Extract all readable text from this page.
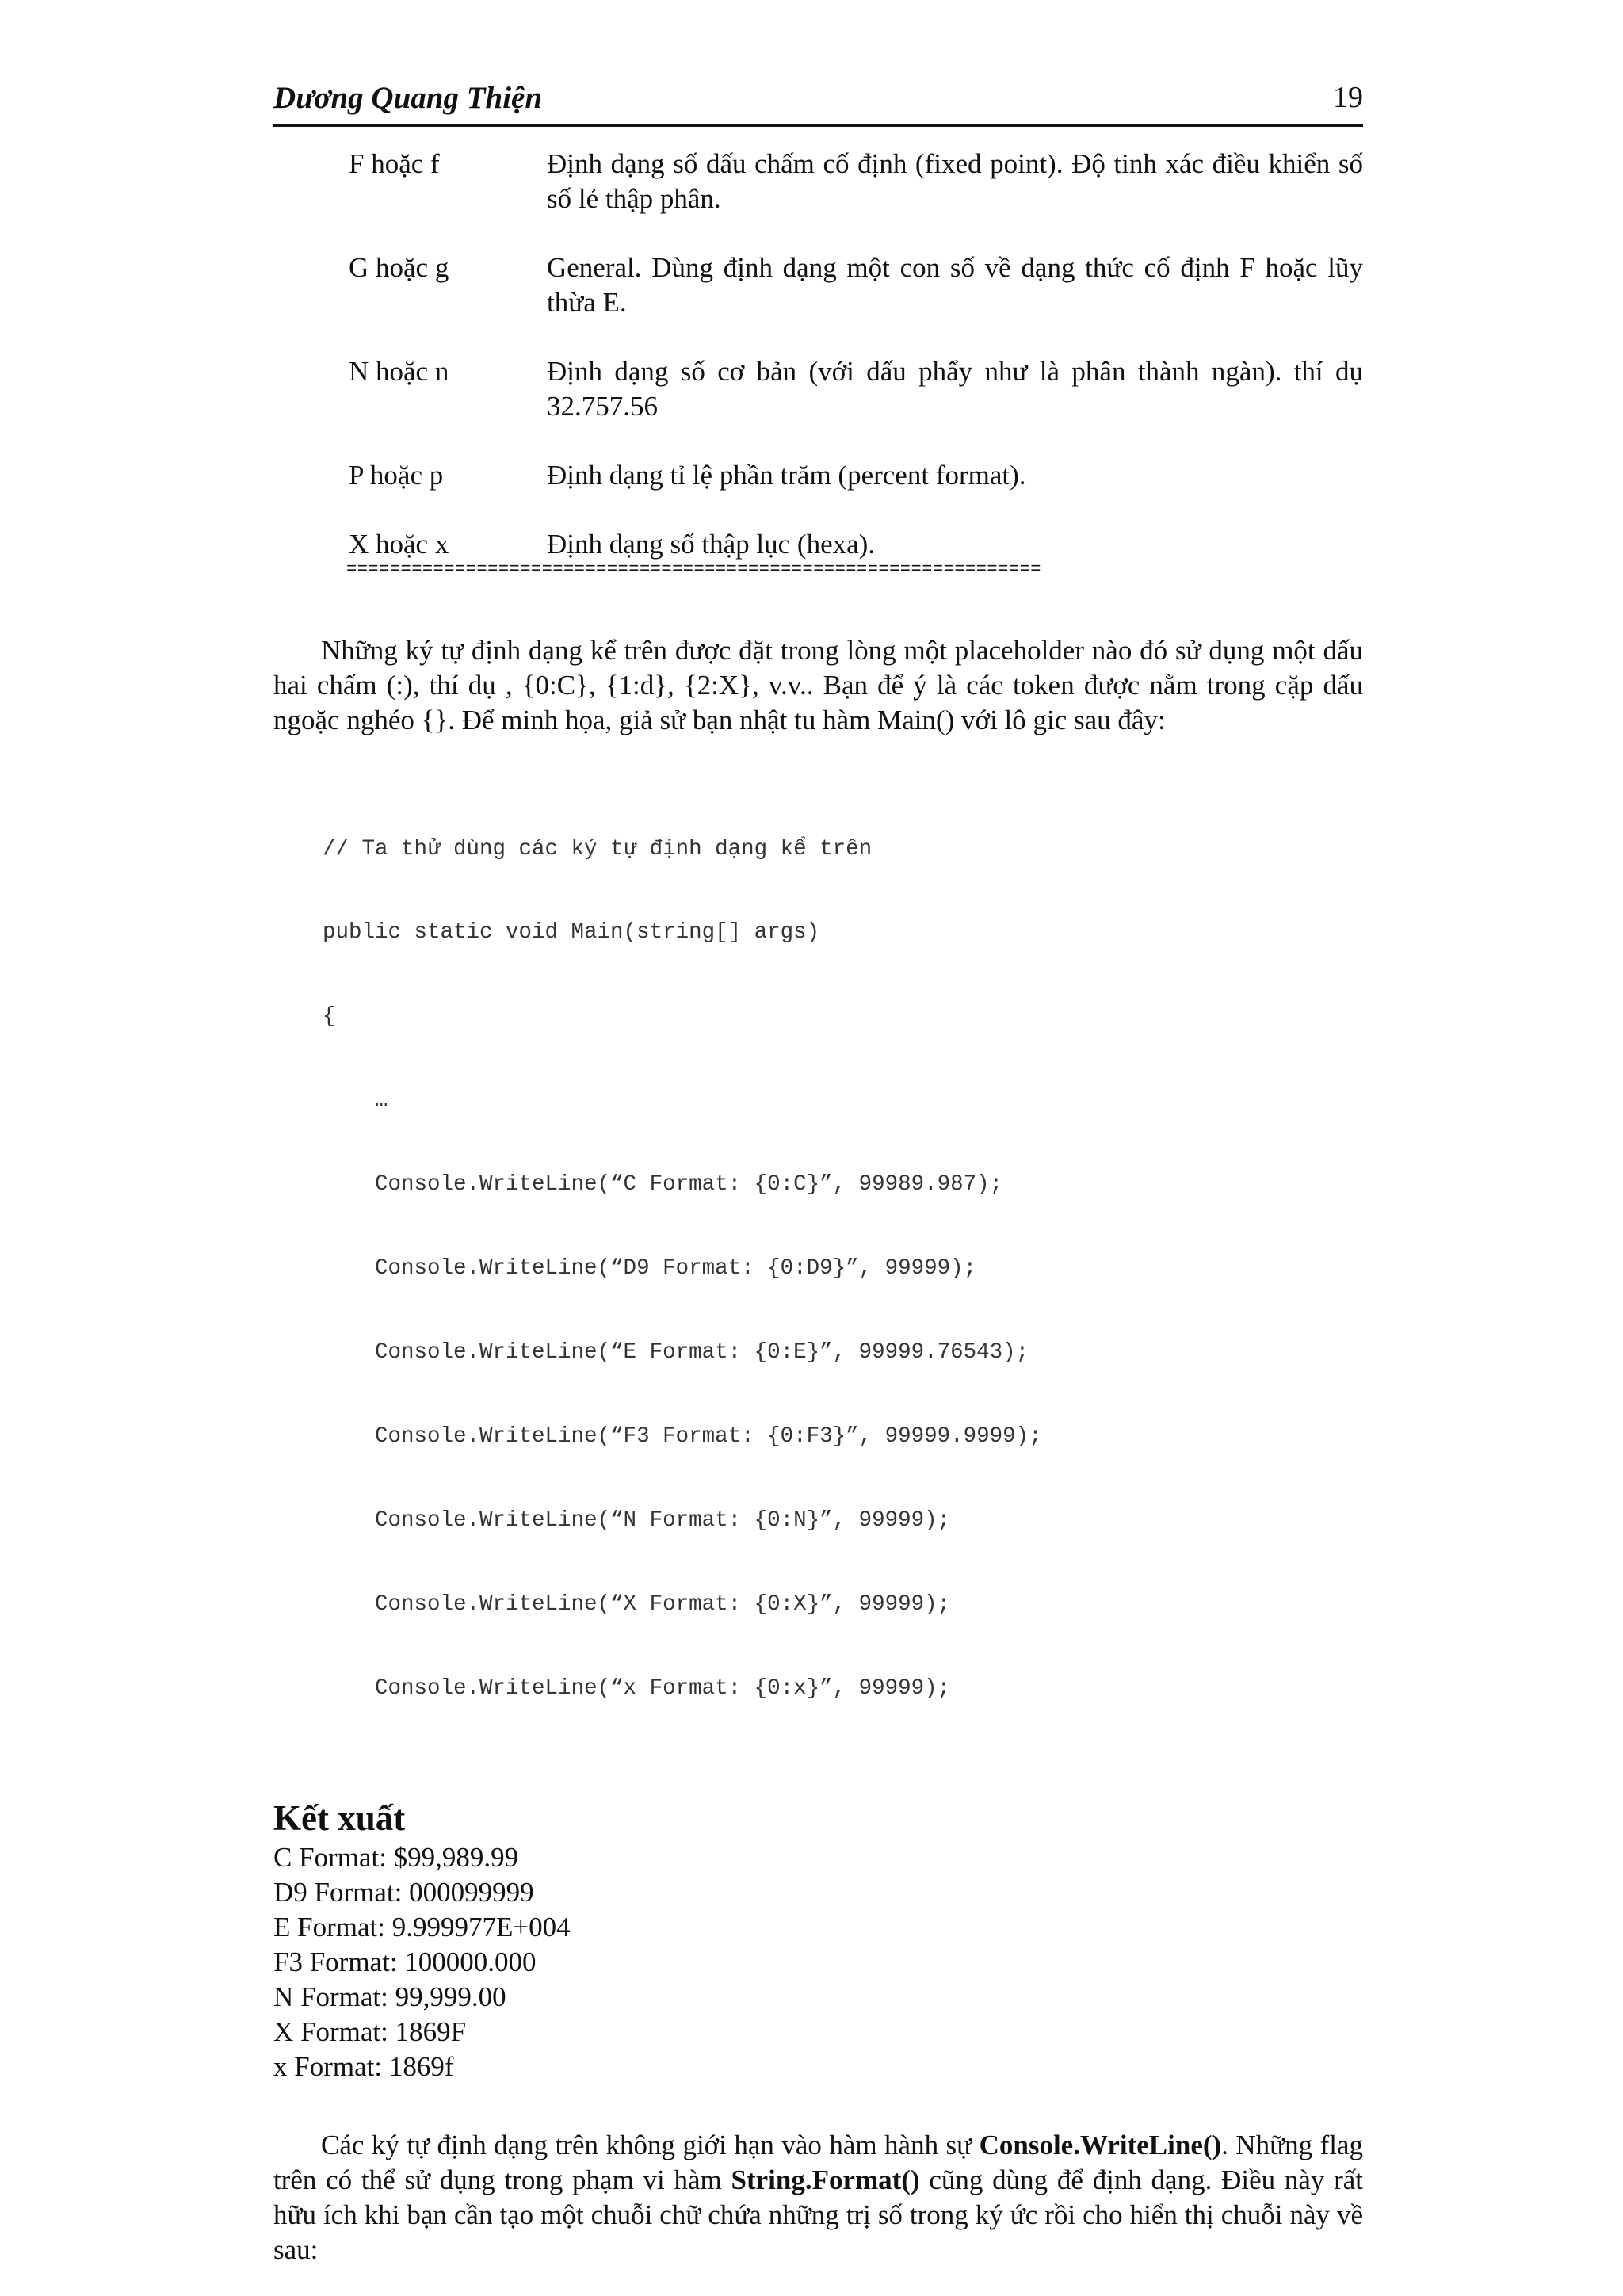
Dương Quang Thiện	19
F hoặc f	Định dạng số dấu chấm cố định (fixed point). Độ tinh xác điều khiển số số lẻ thập phân.
G hoặc g	General. Dùng định dạng một con số về dạng thức cố định F hoặc lũy thừa E.
N hoặc n	Định dạng số cơ bản (với dấu phẩy như là phân thành ngàn). thí dụ 32.757.56
P hoặc p	Định dạng tỉ lệ phần trăm (percent format).
X hoặc x	Định dạng số thập lục (hexa).
================================================================

Những ký tự định dạng kể trên được đặt trong lòng một placeholder nào đó sử dụng một dấu hai chấm (:), thí dụ , {0:C}, {1:d}, {2:X}, v.v.. Bạn để ý là các token được nằm trong cặp dấu ngoặc nghéo {}. Để minh họa, giả sử bạn nhật tu hàm Main() với lô gic sau đây:

// Ta thử dùng các ký tự định dạng kể trên

public static void Main(string[] args)

{

…

Console.WriteLine(“C Format: {0:C}”, 99989.987);

Console.WriteLine(“D9 Format: {0:D9}”, 99999);

Console.WriteLine(“E Format: {0:E}”, 99999.76543);

Console.WriteLine(“F3 Format: {0:F3}”, 99999.9999);

Console.WriteLine(“N Format: {0:N}”, 99999);

Console.WriteLine(“X Format: {0:X}”, 99999);

Console.WriteLine(“x Format: {0:x}”, 99999);

Kết xuất
C Format: $99,989.99
D9 Format: 000099999
E Format: 9.999977E+004
F3 Format: 100000.000
N Format: 99,999.00
X Format: 1869F
x Format: 1869f

Các ký tự định dạng trên không giới hạn vào hàm hành sự Console.WriteLine(). Những flag trên có thể sử dụng trong phạm vi hàm String.Format() cũng dùng để định dạng. Điều này rất hữu ích khi bạn cần tạo một chuỗi chữ chứa những trị số trong ký ức rồi cho hiển thị chuỗi này về sau:
